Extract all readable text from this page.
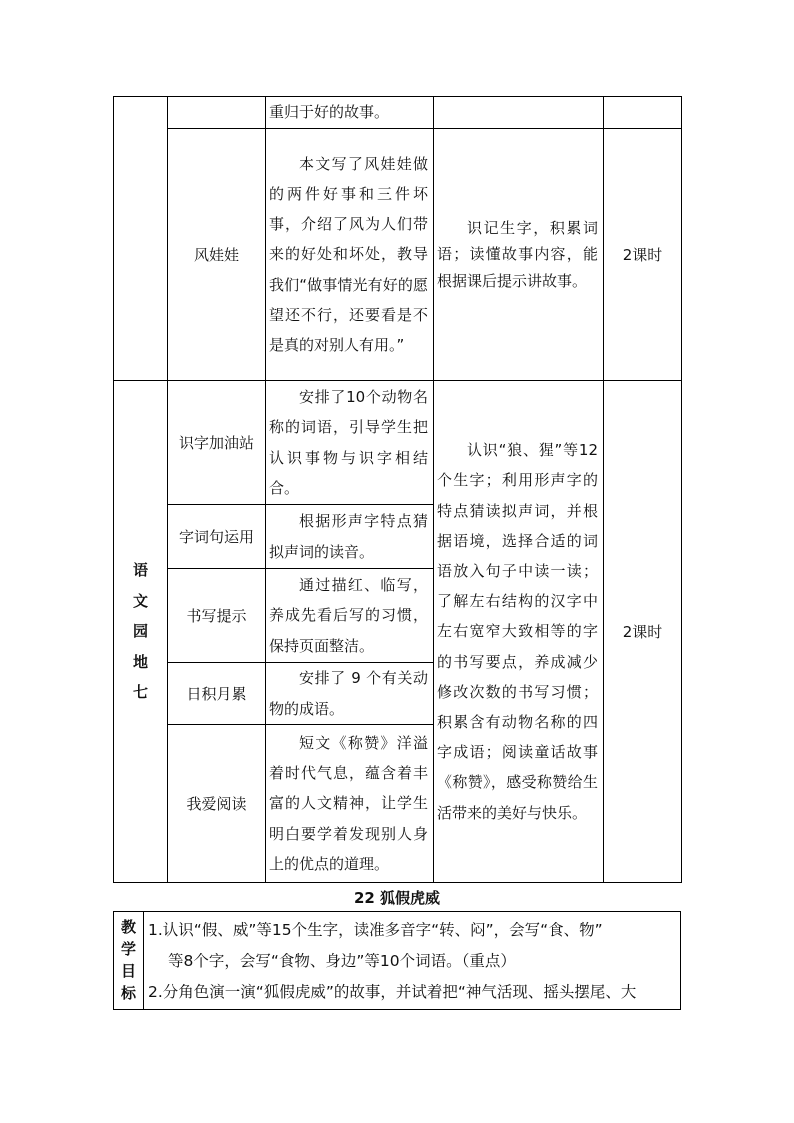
		重归于好的故事。		

	风娃娃	本文写了风娃娃做的两件好事和三件坏事，介绍了风为人们带来的好处和坏处，教导我们“做事情光有好的愿望还不行，还要看是不是真的对别人有用。”	识记生字，积累词语；读懂故事内容，能根据课后提示讲故事。	2课时

语文园地七	识字加油站	安排了10个动物名称的词语，引导学生把认识事物与识字相结合。	认识“狼、猩”等12个生字；利用形声字的特点猜读拟声词，并根据语境，选择合适的词语放入句子中读一读；了解左右结构的汉字中左右宽窄大致相等的字的书写要点，养成减少修改次数的书写习惯；积累含有动物名称的四字成语；阅读童话故事《称赞》，感受称赞给生活带来的美好与快乐。	2课时
	字词句运用	根据形声字特点猜拟声词的读音。		

	书写提示	通过描红、临写，养成先看后写的习惯，保持页面整洁。		

	日积月累	安排了 9 个有关动物的成语。		

	我爱阅读	短文《称赞》洋溢着时代气息，蕴含着丰富的人文精神，让学生明白要学着发现别人身上的优点的道理。		
22 狐假虎威
教学目标

1.认识“假、威”等15个生字，读准多音字“转、闷”，会写“食、物”
等8个字，会写“食物、身边”等10个词语。（重点）
2.分角色演一演“狐假虎威”的故事，并试着把“神气活现、摇头摆尾、大
